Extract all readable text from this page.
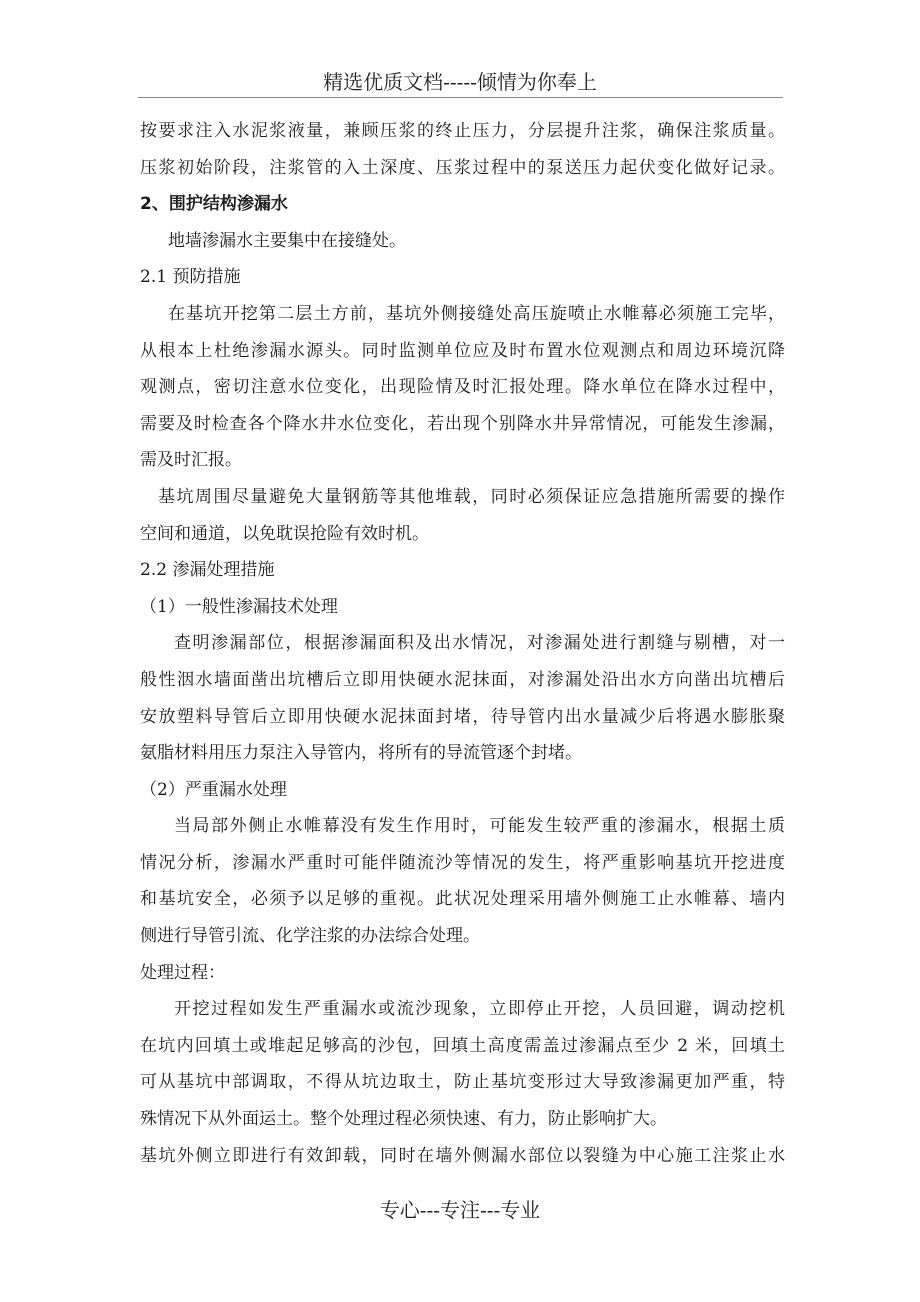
精选优质文档-----倾情为你奉上
按要求注入水泥浆液量，兼顾压浆的终止压力，分层提升注浆，确保注浆质量。
压浆初始阶段，注浆管的入土深度、压浆过程中的泵送压力起伏变化做好记录。
2、围护结构渗漏水
地墙渗漏水主要集中在接缝处。
2.1 预防措施
在基坑开挖第二层土方前，基坑外侧接缝处高压旋喷止水帷幕必须施工完毕，
从根本上杜绝渗漏水源头。同时监测单位应及时布置水位观测点和周边环境沉降
观测点，密切注意水位变化，出现险情及时汇报处理。降水单位在降水过程中，
需要及时检查各个降水井水位变化，若出现个别降水井异常情况，可能发生渗漏，
需及时汇报。
基坑周围尽量避免大量钢筋等其他堆载，同时必须保证应急措施所需要的操作
空间和通道，以免耽误抢险有效时机。
2.2 渗漏处理措施
（1）一般性渗漏技术处理
查明渗漏部位，根据渗漏面积及出水情况，对渗漏处进行割缝与剔槽，对一
般性洇水墙面凿出坑槽后立即用快硬水泥抹面，对渗漏处沿出水方向凿出坑槽后
安放塑料导管后立即用快硬水泥抹面封堵，待导管内出水量减少后将遇水膨胀聚
氨脂材料用压力泵注入导管内，将所有的导流管逐个封堵。
（2）严重漏水处理
当局部外侧止水帷幕没有发生作用时，可能发生较严重的渗漏水，根据土质
情况分析，渗漏水严重时可能伴随流沙等情况的发生，将严重影响基坑开挖进度
和基坑安全，必须予以足够的重视。此状况处理采用墙外侧施工止水帷幕、墙内
侧进行导管引流、化学注浆的办法综合处理。
处理过程：
开挖过程如发生严重漏水或流沙现象，立即停止开挖，人员回避，调动挖机
在坑内回填土或堆起足够高的沙包，回填土高度需盖过渗漏点至少 2 米，回填土
可从基坑中部调取，不得从坑边取土，防止基坑变形过大导致渗漏更加严重，特
殊情况下从外面运土。整个处理过程必须快速、有力，防止影响扩大。
基坑外侧立即进行有效卸载，同时在墙外侧漏水部位以裂缝为中心施工注浆止水
专心---专注---专业
